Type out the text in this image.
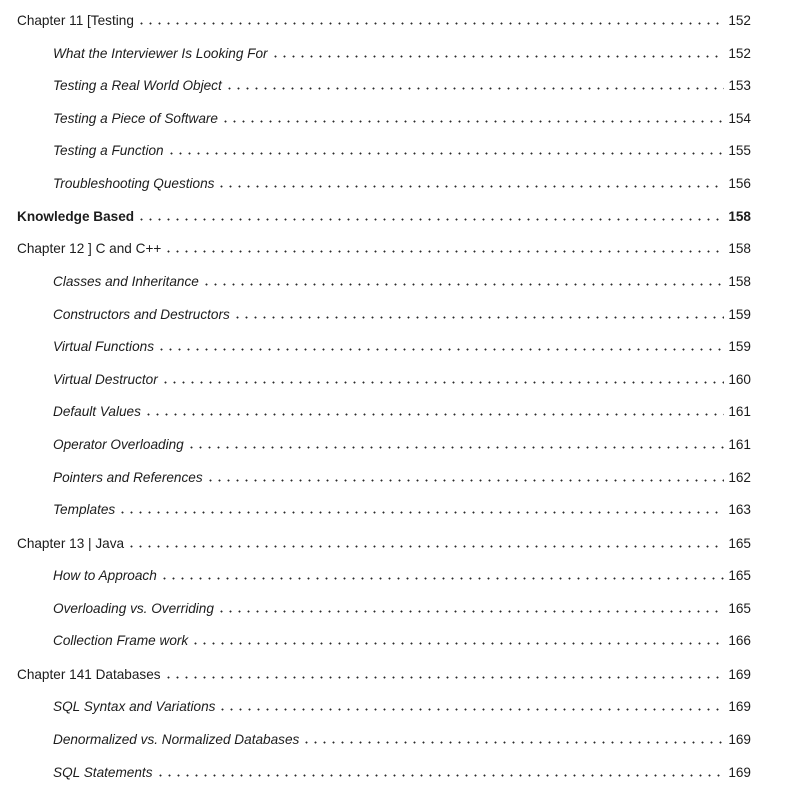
Chapter 11 [Testing	152
What the Interviewer Is Looking For	152
Testing a Real World Object	153
Testing a Piece of Software	154
Testing a Function	155
Troubleshooting Questions	156
Knowledge Based	158
Chapter 12 ] C and C++	158
Classes and Inheritance	158
Constructors and Destructors	159
Virtual Functions	159
Virtual Destructor	160
Default Values	161
Operator Overloading	161
Pointers and References	162
Templates	163
Chapter 13 | Java	165
How to Approach	165
Overloading vs. Overriding	165
Collection Frame work	166
Chapter 141 Databases	169
SQL Syntax and Variations	169
Denormalized vs. Normalized Databases	169
SQL Statements	169
